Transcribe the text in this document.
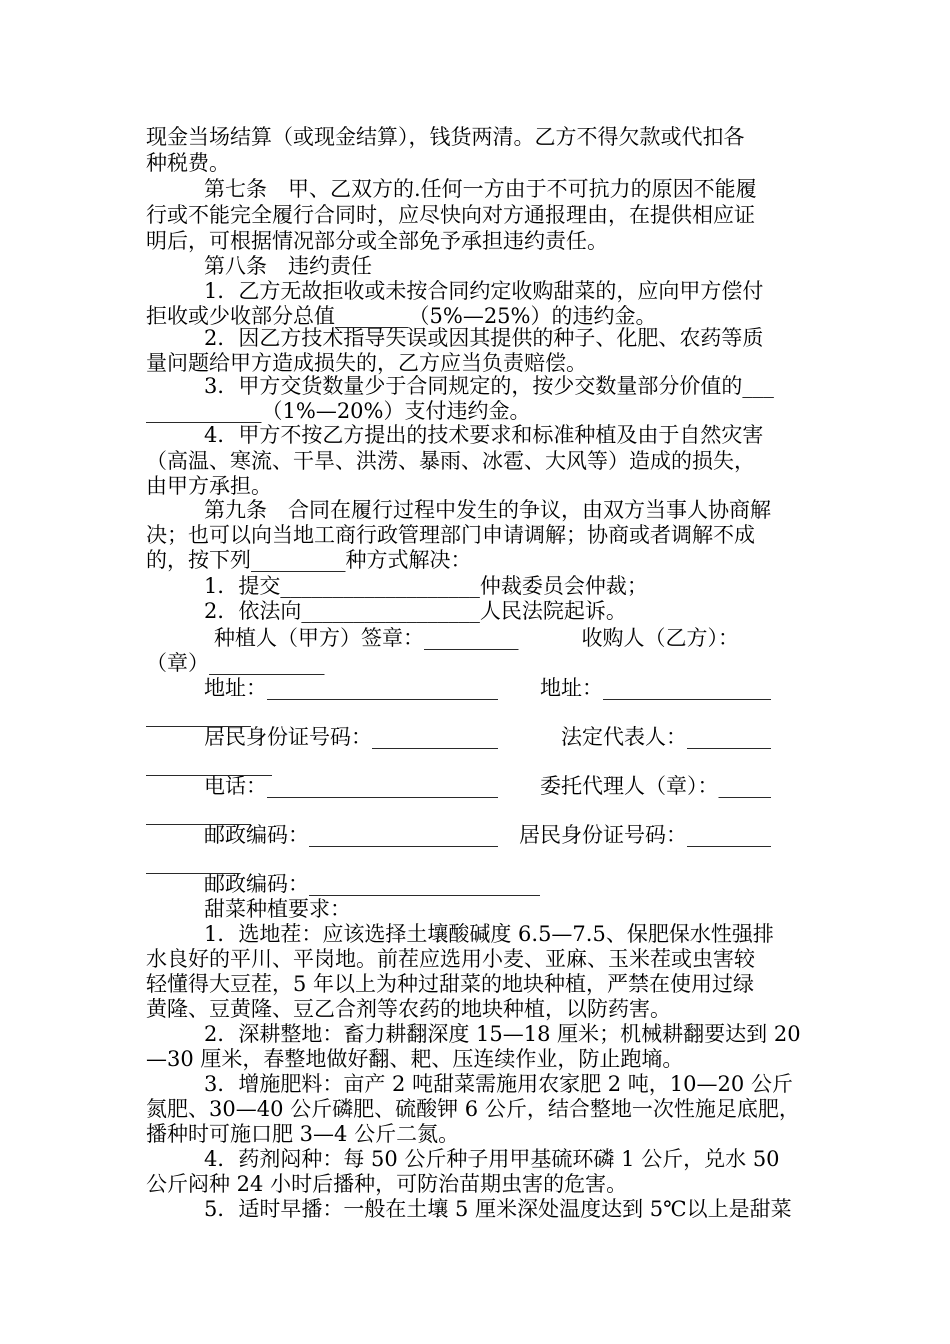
现金当场结算（或现金结算），钱货两清。乙方不得欠款或代扣各
种税费。
第七条　甲、乙双方的.任何一方由于不可抗力的原因不能履
行或不能完全履行合同时，应尽快向对方通报理由，在提供相应证
明后，可根据情况部分或全部免予承担违约责任。
第八条　违约责任
1．乙方无故拒收或未按合同约定收购甜菜的，应向甲方偿付
拒收或少收部分总值_______（5%—25%）的违约金。
2．因乙方技术指导失误或因其提供的种子、化肥、农药等质
量问题给甲方造成损失的，乙方应当负责赔偿。
3．甲方交货数量少于合同规定的，按少交数量部分价值的___
___________（1%—20%）支付违约金。
4．甲方不按乙方提出的技术要求和标准种植及由于自然灾害
（高温、寒流、干旱、洪涝、暴雨、冰雹、大风等）造成的损失，
由甲方承担。
第九条　合同在履行过程中发生的争议，由双方当事人协商解
决；也可以向当地工商行政管理部门申请调解；协商或者调解不成
的，按下列_________种方式解决：
1．提交___________________仲裁委员会仲裁；
2．依法向_________________人民法院起诉。
种植人（甲方）签章：_________　　　收购人（乙方）：
（章）___________
地址：______________________　　地址：________________
__________
居民身份证号码：____________　　　法定代表人：________
____________
电话：______________________　　委托代理人（章）：_____
__________
邮政编码：__________________　居民身份证号码：________
_________
邮政编码：______________________
甜菜种植要求：
1．选地茬：应该选择土壤酸碱度 6.5—7.5、保肥保水性强排
水良好的平川、平岗地。前茬应选用小麦、亚麻、玉米茬或虫害较
轻懂得大豆茬，5 年以上为种过甜菜的地块种植，严禁在使用过绿
黄隆、豆黄隆、豆乙合剂等农药的地块种植，以防药害。
2．深耕整地：畜力耕翻深度 15—18 厘米；机械耕翻要达到 20
—30 厘米，春整地做好翻、耙、压连续作业，防止跑墒。
3．增施肥料：亩产 2 吨甜菜需施用农家肥 2 吨，10—20 公斤
氮肥、30—40 公斤磷肥、硫酸钾 6 公斤，结合整地一次性施足底肥，
播种时可施口肥 3—4 公斤二氮。
4．药剂闷种：每 50 公斤种子用甲基硫环磷 1 公斤，兑水 50
公斤闷种 24 小时后播种，可防治苗期虫害的危害。
5．适时早播：一般在土壤 5 厘米深处温度达到 5℃以上是甜菜
